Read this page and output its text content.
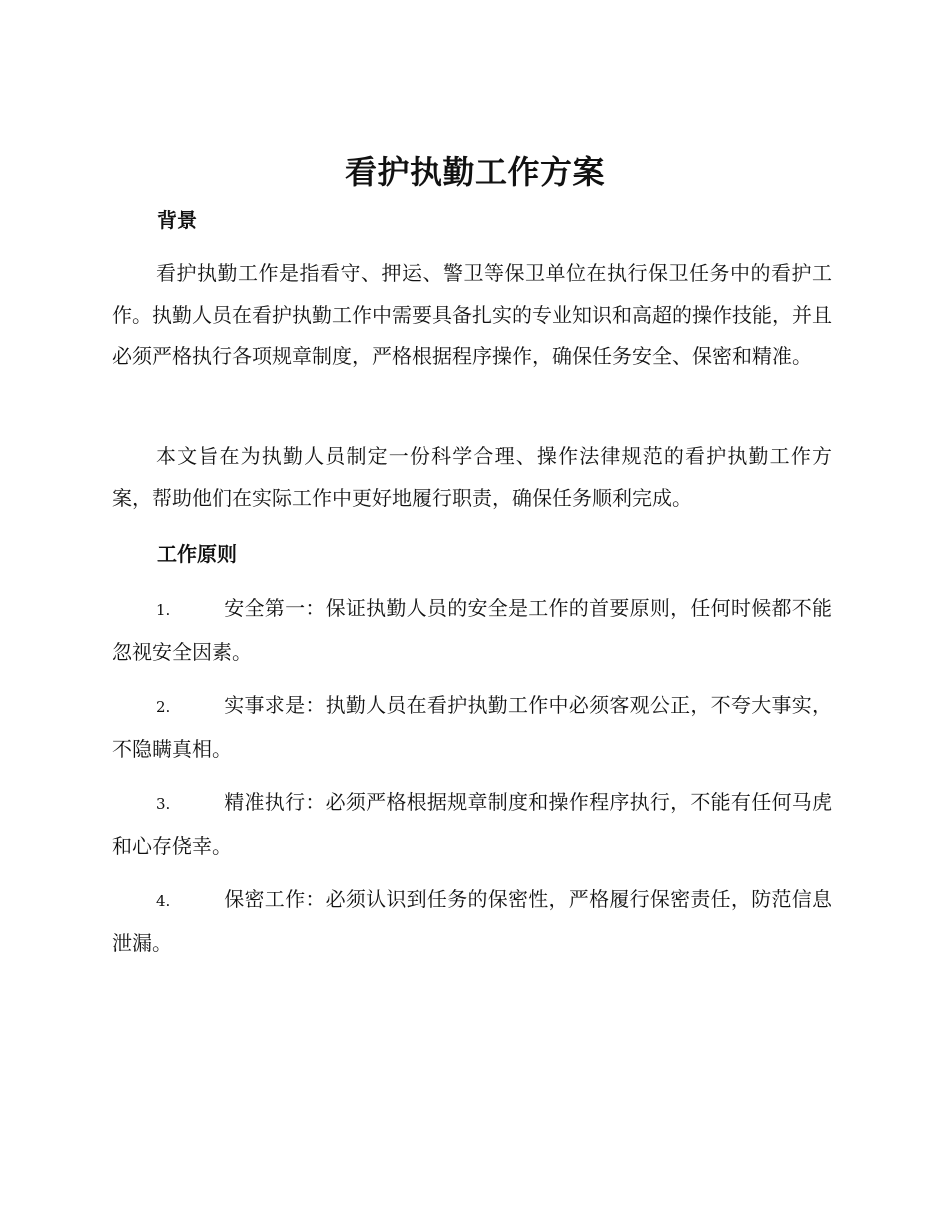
看护执勤工作方案
背景

看护执勤工作是指看守、押运、警卫等保卫单位在执行保卫任务中的看护工作。执勤人员在看护执勤工作中需要具备扎实的专业知识和高超的操作技能，并且必须严格执行各项规章制度，严格根据程序操作，确保任务安全、保密和精准。

本文旨在为执勤人员制定一份科学合理、操作法律规范的看护执勤工作方案，帮助他们在实际工作中更好地履行职责，确保任务顺利完成。

工作原则

1.	安全第一：保证执勤人员的安全是工作的首要原则，任何时候都不能忽视安全因素。

2.	实事求是：执勤人员在看护执勤工作中必须客观公正，不夸大事实，不隐瞒真相。

3.	精准执行：必须严格根据规章制度和操作程序执行，不能有任何马虎和心存侥幸。

4.	保密工作：必须认识到任务的保密性，严格履行保密责任，防范信息泄漏。
